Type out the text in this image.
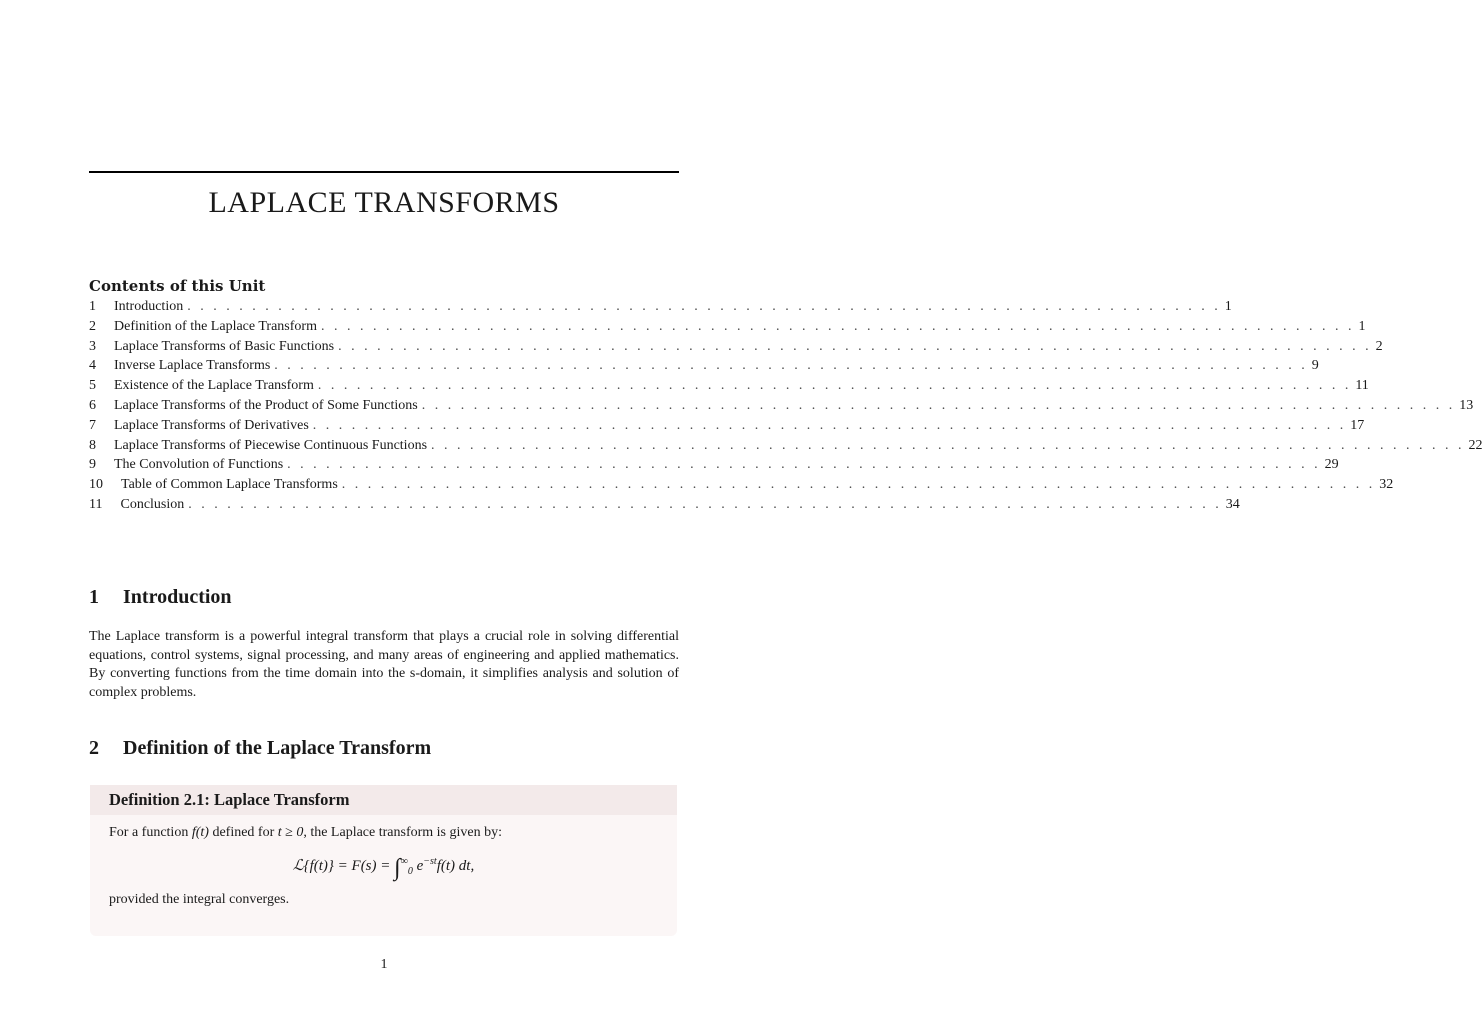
LAPLACE TRANSFORMS
Contents of this Unit
1	Introduction . . . . . . . . . . . . . . . . . . . . . . . . . . . . . . . . . . . . . . . . . . . . . . . . . . . . . . . . . . . . . . . . . . . . . . . . . . . . . . . . 1
2	Definition of the Laplace Transform . . . . . . . . . . . . . . . . . . . . . . . . . . . . . . . . . . . . . . . . . . . . . . . . . . . . . . . . . . . . . . . . . . . . . . . . . . . . . . . . 1
3	Laplace Transforms of Basic Functions . . . . . . . . . . . . . . . . . . . . . . . . . . . . . . . . . . . . . . . . . . . . . . . . . . . . . . . . . . . . . . . . . . . . . . . . . . . . . . . . 2
4	Inverse Laplace Transforms . . . . . . . . . . . . . . . . . . . . . . . . . . . . . . . . . . . . . . . . . . . . . . . . . . . . . . . . . . . . . . . . . . . . . . . . . . . . . . . . 9
5	Existence of the Laplace Transform . . . . . . . . . . . . . . . . . . . . . . . . . . . . . . . . . . . . . . . . . . . . . . . . . . . . . . . . . . . . . . . . . . . . . . . . . . . . . . . . 11
6	Laplace Transforms of the Product of Some Functions . . . . . . . . . . . . . . . . . . . . . . . . . . . . . . . . . . . . . . . . . . . . . . . . . . . . . . . . . . . . . . . . . . . . . . . . . . . . . . . . 13
7	Laplace Transforms of Derivatives . . . . . . . . . . . . . . . . . . . . . . . . . . . . . . . . . . . . . . . . . . . . . . . . . . . . . . . . . . . . . . . . . . . . . . . . . . . . . . . . 17
8	Laplace Transforms of Piecewise Continuous Functions . . . . . . . . . . . . . . . . . . . . . . . . . . . . . . . . . . . . . . . . . . . . . . . . . . . . . . . . . . . . . . . . . . . . . . . . . . . . . . . . 22
9	The Convolution of Functions . . . . . . . . . . . . . . . . . . . . . . . . . . . . . . . . . . . . . . . . . . . . . . . . . . . . . . . . . . . . . . . . . . . . . . . . . . . . . . . . 29
10	Table of Common Laplace Transforms . . . . . . . . . . . . . . . . . . . . . . . . . . . . . . . . . . . . . . . . . . . . . . . . . . . . . . . . . . . . . . . . . . . . . . . . . . . . . . . . 32
11	Conclusion . . . . . . . . . . . . . . . . . . . . . . . . . . . . . . . . . . . . . . . . . . . . . . . . . . . . . . . . . . . . . . . . . . . . . . . . . . . . . . . . 34
1 Introduction
The Laplace transform is a powerful integral transform that plays a crucial role in solving differential equations, control systems, signal processing, and many areas of engineering and applied mathematics. By converting functions from the time domain into the s-domain, it simplifies analysis and solution of complex problems.
2 Definition of the Laplace Transform
Definition 2.1: Laplace Transform
For a function f(t) defined for t ≥ 0, the Laplace transform is given by:
ℒ{f(t)} = $F(s) = \int^\infty_0$ $e^{-st}f(t)$ dt,
provided the integral converges.
1
